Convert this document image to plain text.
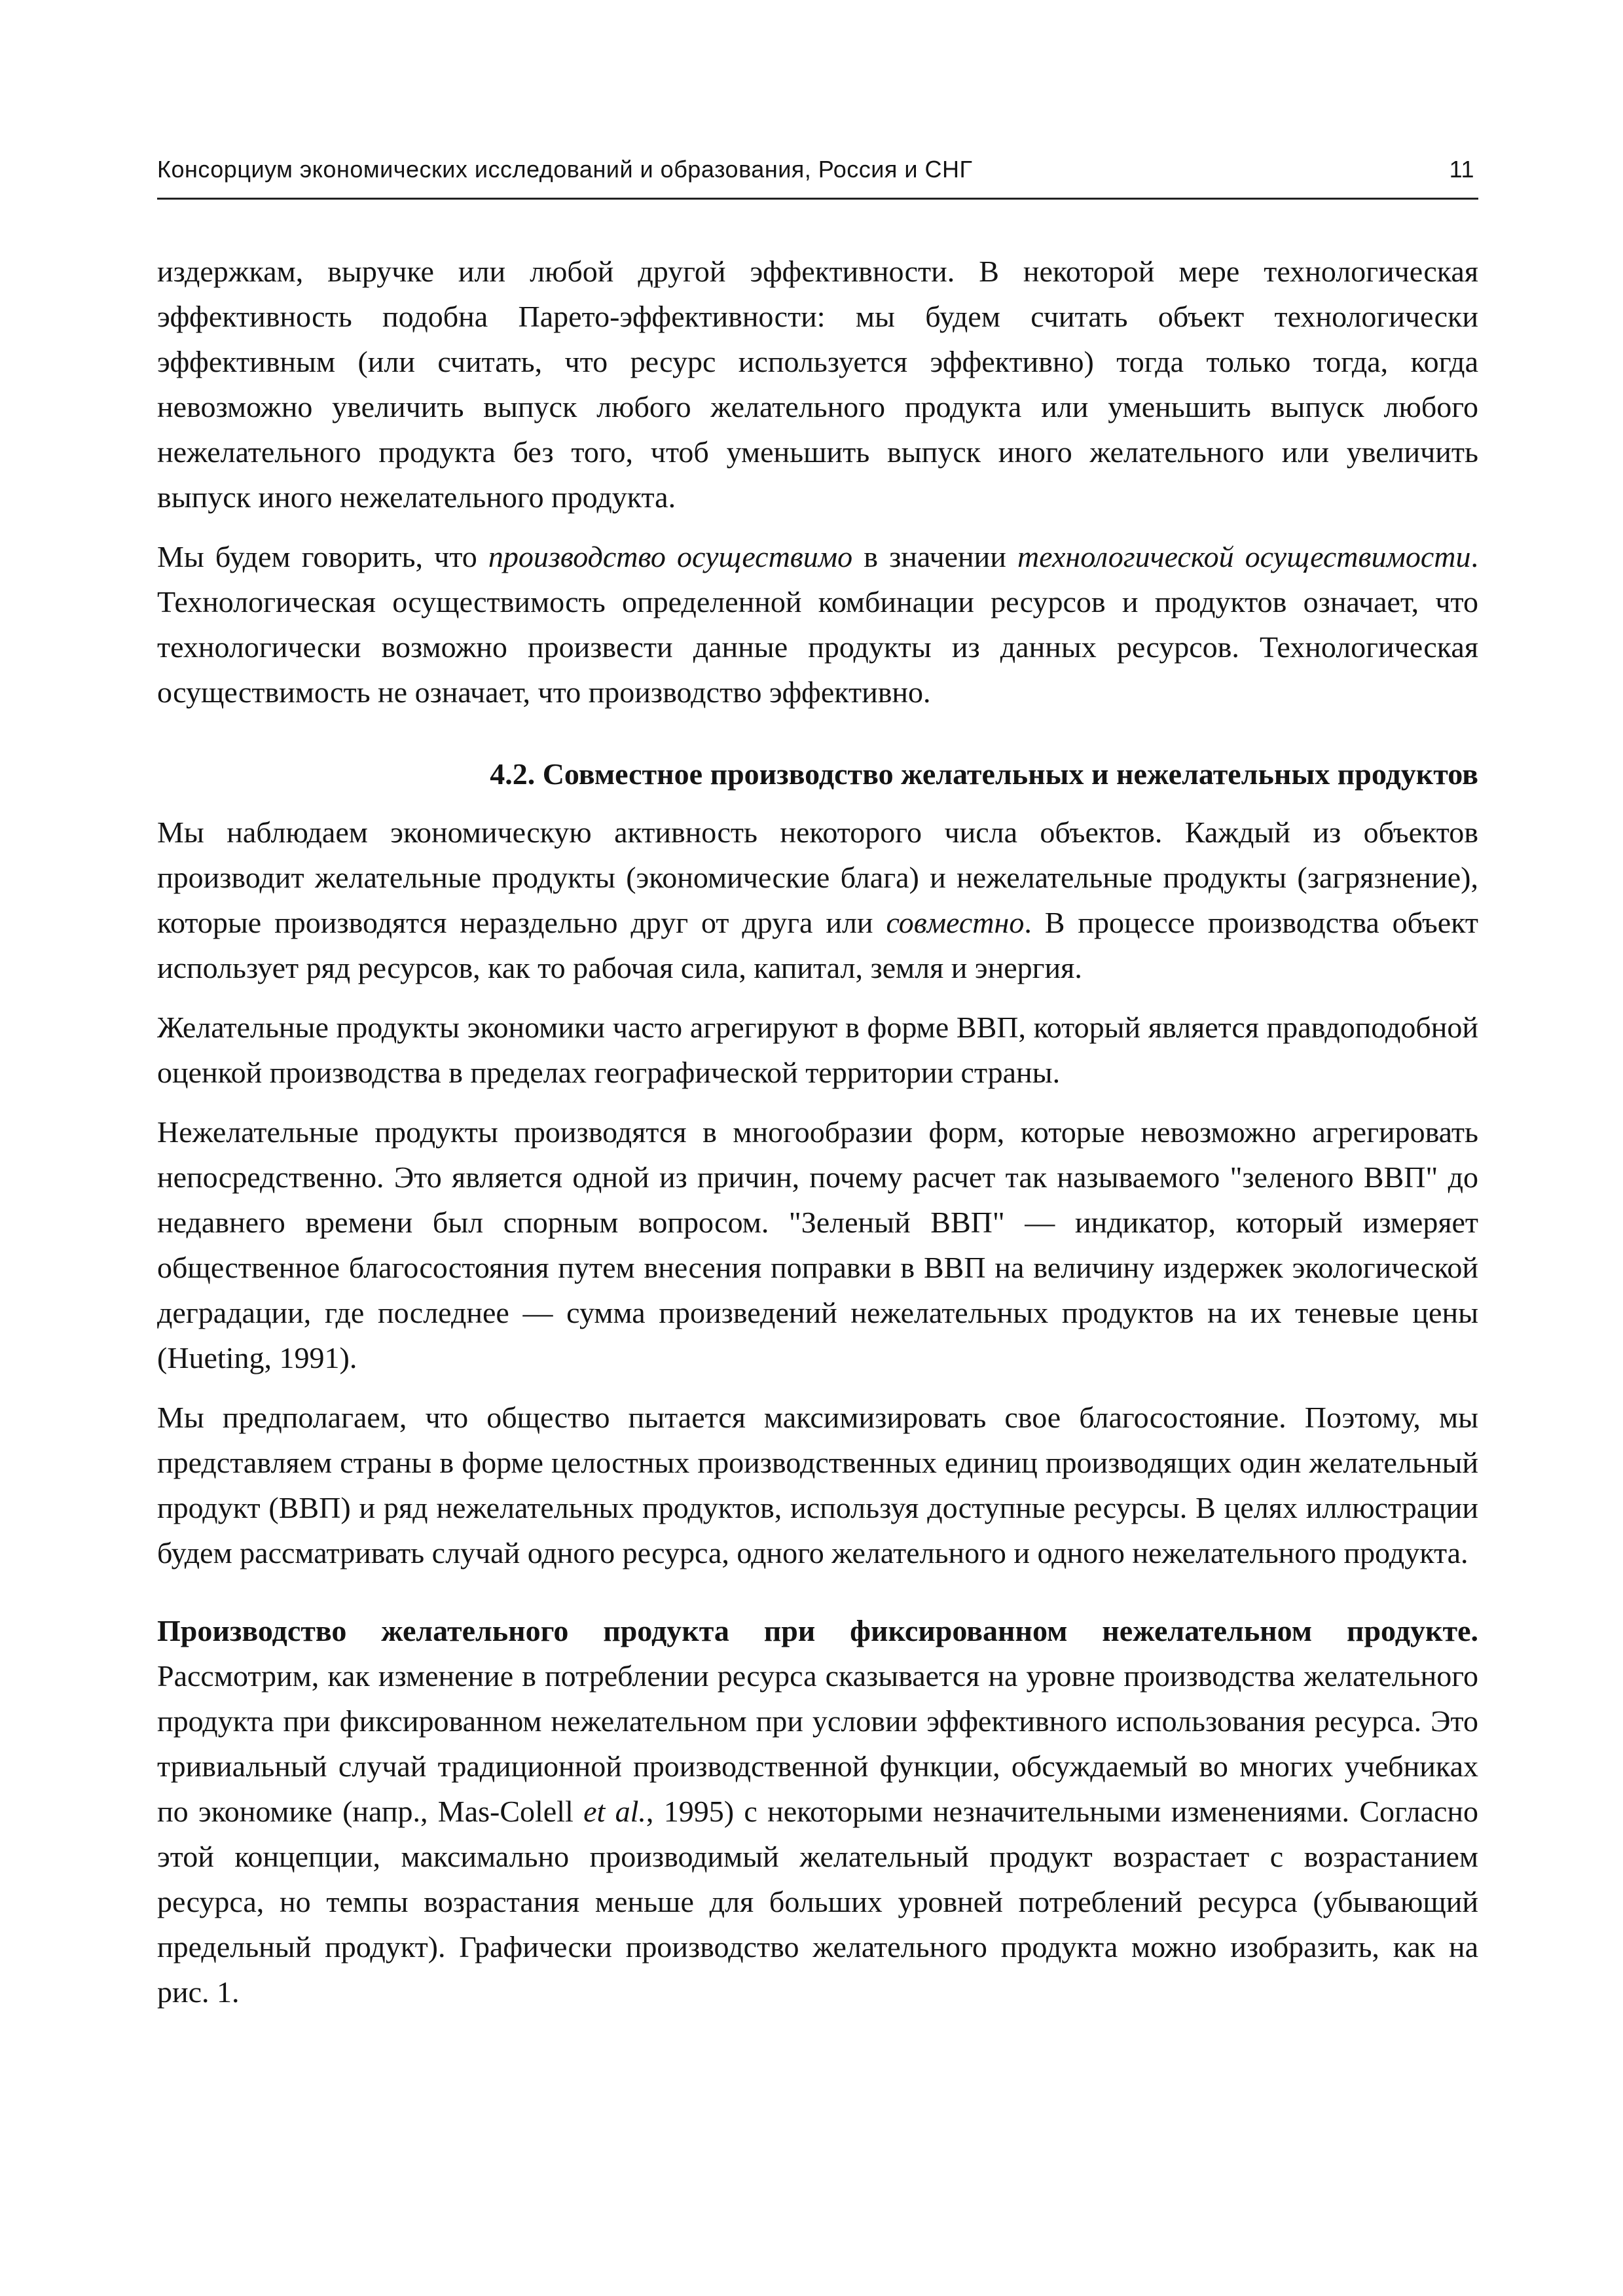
Консорциум экономических исследований и образования, Россия и СНГ	11

издержкам, выручке или любой другой эффективности. В некоторой мере технологическая эффективность подобна Парето-эффективности: мы будем считать объект технологически эффективным (или считать, что ресурс используется эффективно) тогда только тогда, когда невозможно увеличить выпуск любого желательного продукта или уменьшить выпуск любого нежелательного продукта без того, чтоб уменьшить выпуск иного желательного или увеличить выпуск иного нежелательного продукта.

Мы будем говорить, что производство осуществимо в значении технологической осуществимости. Технологическая осуществимость определенной комбинации ресурсов и продуктов означает, что технологически возможно произвести данные продукты из данных ресурсов. Технологическая осуществимость не означает, что производство эффективно.

4.2. Совместное производство желательных и нежелательных продуктов

Мы наблюдаем экономическую активность некоторого числа объектов. Каждый из объектов производит желательные продукты (экономические блага) и нежелательные продукты (загрязнение), которые производятся нераздельно друг от друга или совместно. В процессе производства объект использует ряд ресурсов, как то рабочая сила, капитал, земля и энергия.

Желательные продукты экономики часто агрегируют в форме ВВП, который является правдоподобной оценкой производства в пределах географической территории страны.

Нежелательные продукты производятся в многообразии форм, которые невозможно агрегировать непосредственно. Это является одной из причин, почему расчет так называемого "зеленого ВВП" до недавнего времени был спорным вопросом. "Зеленый ВВП" — индикатор, который измеряет общественное благосостояния путем внесения поправки в ВВП на величину издержек экологической деградации, где последнее — сумма произведений нежелательных продуктов на их теневые цены (Hueting, 1991).

Мы предполагаем, что общество пытается максимизировать свое благосостояние. Поэтому, мы представляем страны в форме целостных производственных единиц производящих один желательный продукт (ВВП) и ряд нежелательных продуктов, используя доступные ресурсы. В целях иллюстрации будем рассматривать случай одного ресурса, одного желательного и одного нежелательного продукта.

Производство желательного продукта при фиксированном нежелательном продукте. Рассмотрим, как изменение в потреблении ресурса сказывается на уровне производства желательного продукта при фиксированном нежелательном при условии эффективного использования ресурса. Это тривиальный случай традиционной производственной функции, обсуждаемый во многих учебниках по экономике (напр., Mas-Colell et al., 1995) с некоторыми незначительными изменениями. Согласно этой концепции, максимально производимый желательный продукт возрастает с возрастанием ресурса, но темпы возрастания меньше для больших уровней потреблений ресурса (убывающий предельный продукт). Графически производство желательного продукта можно изобразить, как на рис. 1.
